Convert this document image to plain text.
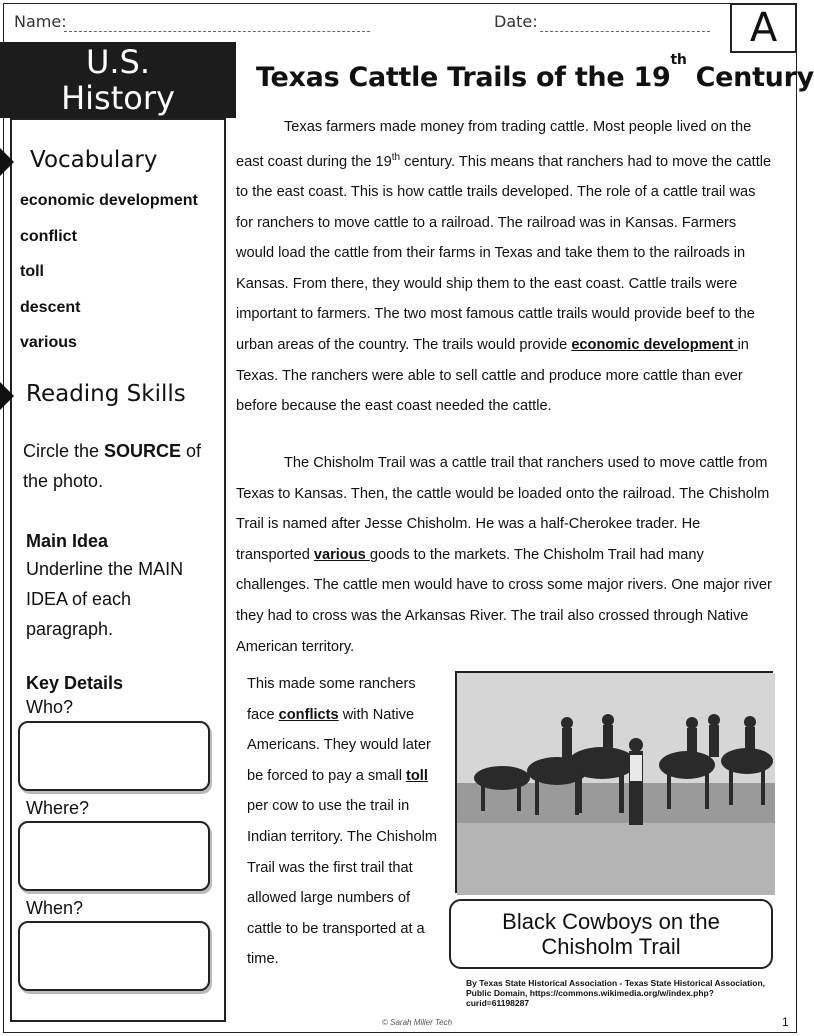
Name:	Date:	A
U.S.
History
Vocabulary
economic development
conflict
toll
descent
various
Reading Skills
Circle the SOURCE of the photo.
Main Idea
Underline the MAIN IDEA of each paragraph.
Key Details
Who?
Where?
When?
Texas Cattle Trails of the 19th Century
Texas farmers made money from trading cattle. Most people lived on the east coast during the 19th century. This means that ranchers had to move the cattle to the east coast. This is how cattle trails developed. The role of a cattle trail was for ranchers to move cattle to a railroad. The railroad was in Kansas. Farmers would load the cattle from their farms in Texas and take them to the railroads in Kansas. From there, they would ship them to the east coast. Cattle trails were important to farmers. The two most famous cattle trails would provide beef to the urban areas of the country. The trails would provide economic development in Texas. The ranchers were able to sell cattle and produce more cattle than ever before because the east coast needed the cattle.
The Chisholm Trail was a cattle trail that ranchers used to move cattle from Texas to Kansas. Then, the cattle would be loaded onto the railroad. The Chisholm Trail is named after Jesse Chisholm. He was a half-Cherokee trader. He transported various goods to the markets. The Chisholm Trail had many challenges. The cattle men would have to cross some major rivers. One major river they had to cross was the Arkansas River. The trail also crossed through Native American territory.
This made some ranchers face conflicts with Native Americans. They would later be forced to pay a small toll per cow to use the trail in Indian territory. The Chisholm Trail was the first trail that allowed large numbers of cattle to be transported at a time.
Black Cowboys on the
Chisholm Trail
By Texas State Historical Association - Texas State Historical Association, Public Domain, https://commons.wikimedia.org/w/index.php?curid=61198287
© Sarah Miller Tech	1
